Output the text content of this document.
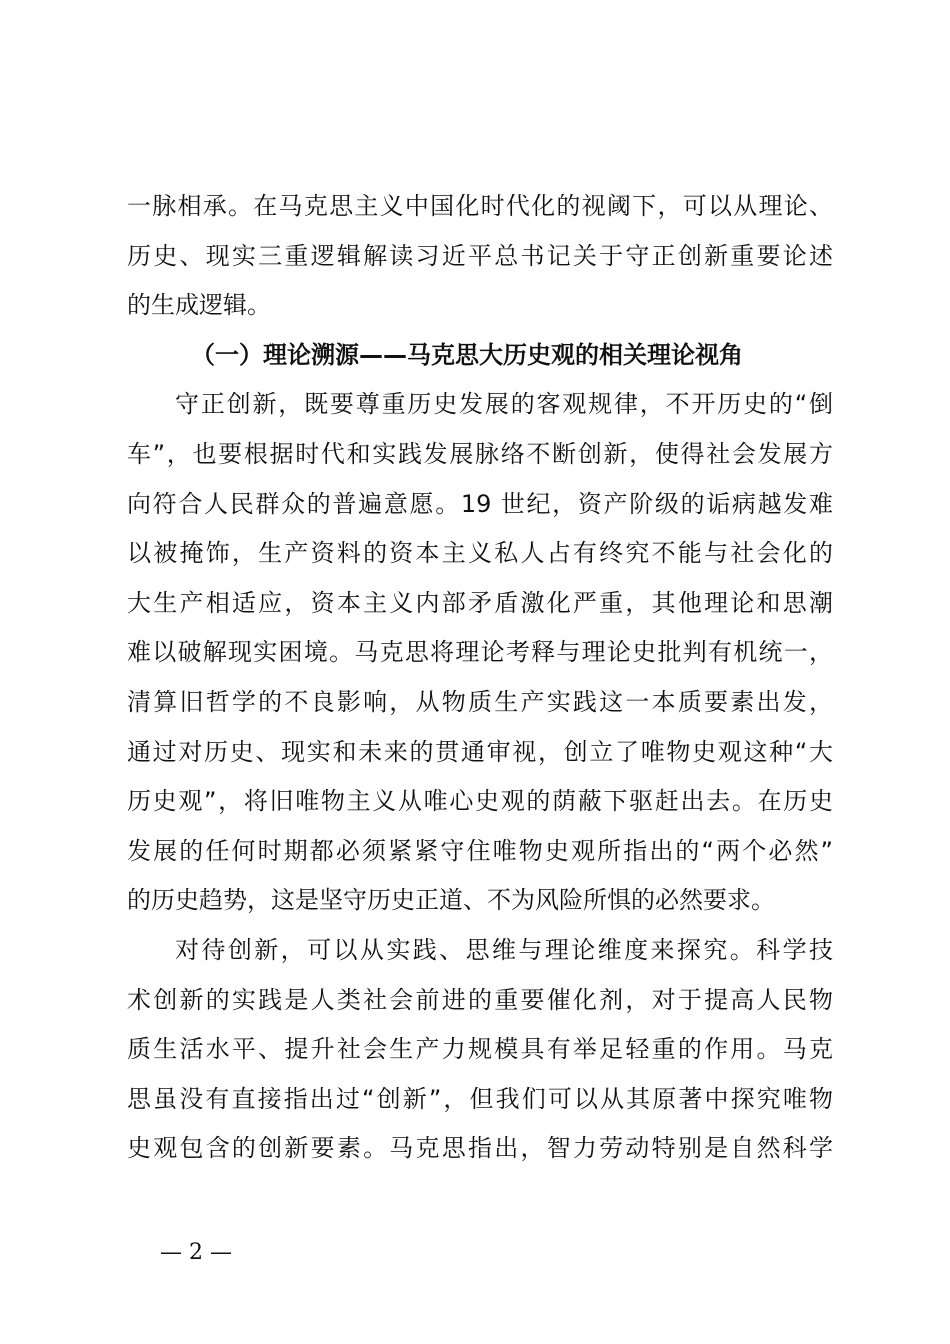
一脉相承。在马克思主义中国化时代化的视阈下，可以从理论、
历史、现实三重逻辑解读习近平总书记关于守正创新重要论述
的生成逻辑。
（一）理论溯源——马克思大历史观的相关理论视角
守正创新，既要尊重历史发展的客观规律，不开历史的“倒
车”，也要根据时代和实践发展脉络不断创新，使得社会发展方
向符合人民群众的普遍意愿。19 世纪，资产阶级的诟病越发难
以被掩饰，生产资料的资本主义私人占有终究不能与社会化的
大生产相适应，资本主义内部矛盾激化严重，其他理论和思潮
难以破解现实困境。马克思将理论考释与理论史批判有机统一，
清算旧哲学的不良影响，从物质生产实践这一本质要素出发，
通过对历史、现实和未来的贯通审视，创立了唯物史观这种“大
历史观”，将旧唯物主义从唯心史观的荫蔽下驱赶出去。在历史
发展的任何时期都必须紧紧守住唯物史观所指出的“两个必然”
的历史趋势，这是坚守历史正道、不为风险所惧的必然要求。
对待创新，可以从实践、思维与理论维度来探究。科学技
术创新的实践是人类社会前进的重要催化剂，对于提高人民物
质生活水平、提升社会生产力规模具有举足轻重的作用。马克
思虽没有直接指出过“创新”，但我们可以从其原著中探究唯物
史观包含的创新要素。马克思指出，智力劳动特别是自然科学
— 2 —
